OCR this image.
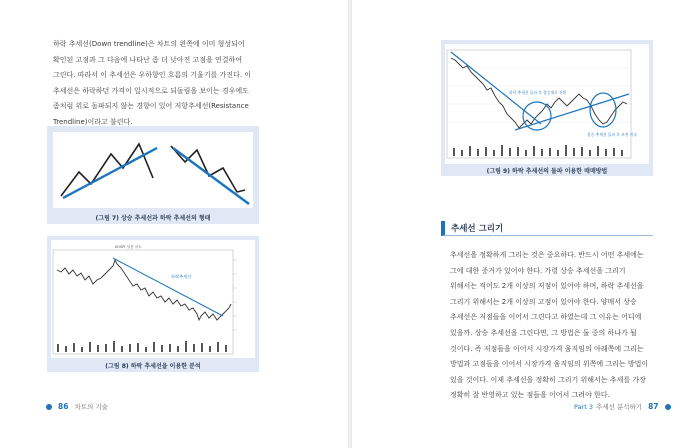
하락 추세선(Down trendline)은 차트의 왼쪽에 이미 형성되어 확인된 고점과 그 다음에 나타난 좀 더 낮아진 고점을 연결하여 그린다. 따라서 이 추세선은 우하향인 흐름의 기울기를 가진다. 이 추세선은 하락하던 가격이 일시적으로 되돌림을 보이는 경우에도 좀처럼 위로 돌파되지 않는 경향이 있어 저항추세선(Resistance Trendline)이라고 불린다.

(그림 7) 상승 추세선과 하락 추세선의 형태
KOSPI 일봉 차트
하락추세선
(그림 8) 하락 추세선을 이용한 분석
86 차트의 기술
하락 추세선 돌파 후 상승세로 전환
상승 추세선 돌파 후 조정 지속
(그림 9) 하락 추세선의 돌파 이용한 매매방법
추세선 그리기

추세선을 정확하게 그리는 것은 중요하다. 반드시 어떤 추세에는 그에 대한 증거가 있어야 한다. 가령 상승 추세선을 그리기 위해서는 적어도 2개 이상의 저점이 있어야 하며, 하락 추세선을 그리기 위해서는 2개 이상의 고점이 있어야 한다. 양매서 상승 추세선은 저점들을 이어서 그린다고 하였는데 그 이유는 어디에 있을까. 상승 추세선을 그린다면, 그 방법은 둘 중의 하나가 될 것이다. 즉 저점들을 이어서 시장가격 움직임의 아래쪽에 그리는 방법과 고점들을 이어서 시장가격 움직임의 위쪽에 그리는 방법이 있을 것이다. 이제 추세선을 정확히 그리기 위해서는 추세를 가장 정확히 잘 반영하고 있는 점들을 이어서 그려야 한다.

Part 3 추세선 분석하기 87
